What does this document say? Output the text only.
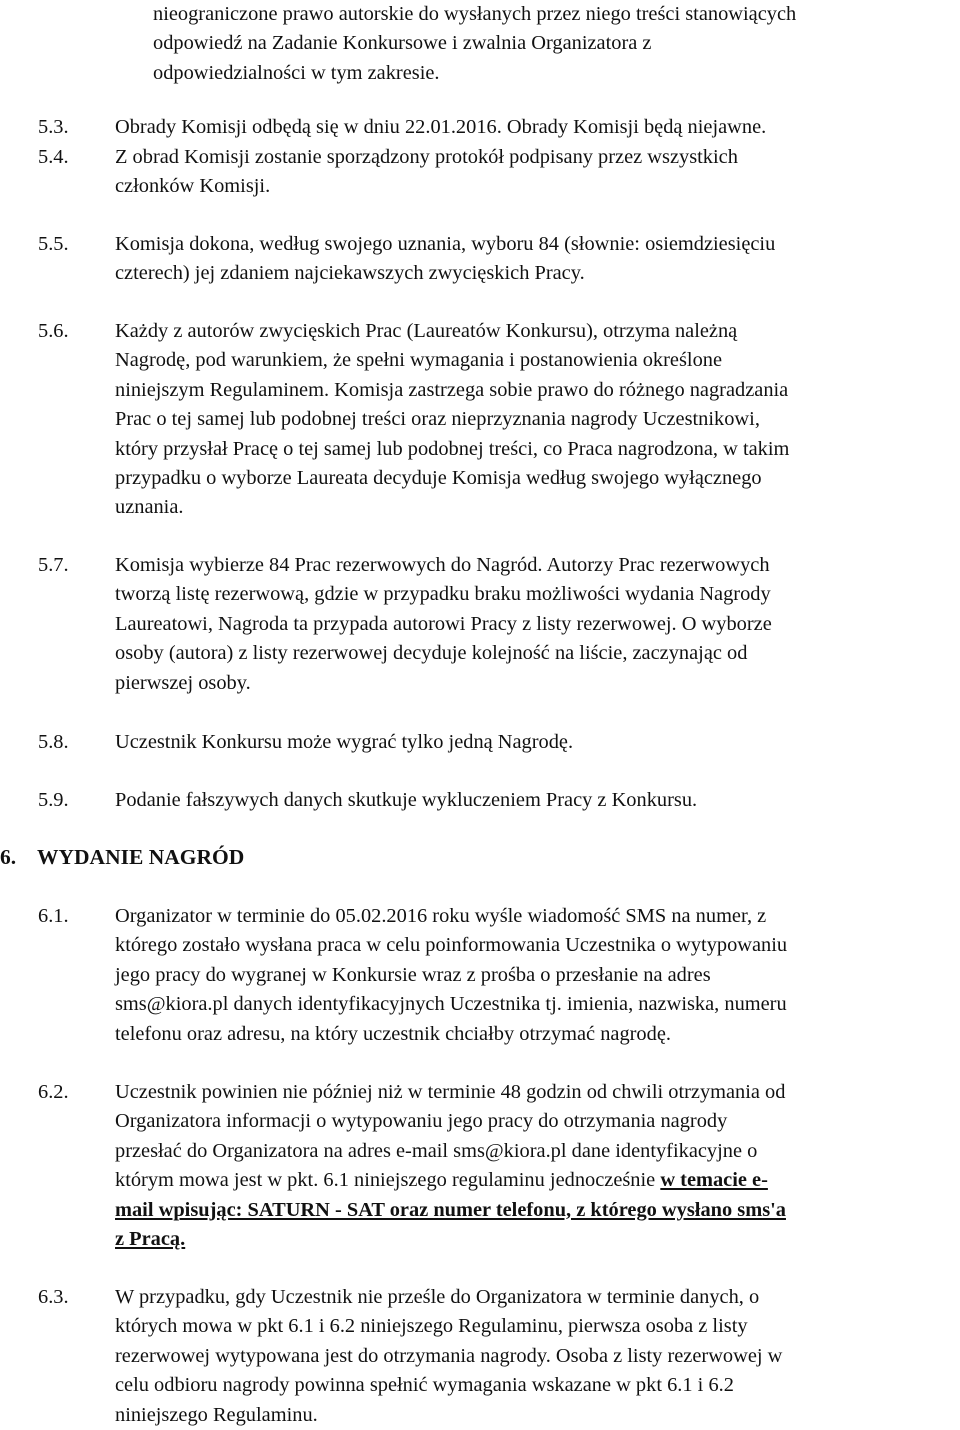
nieograniczone prawo autorskie do wysłanych przez niego treści stanowiących
odpowiedź na Zadanie Konkursowe i zwalnia Organizatora z
odpowiedzialności w tym zakresie.
5.3. Obrady Komisji odbędą się w dniu 22.01.2016. Obrady Komisji będą niejawne.
5.4. Z obrad Komisji zostanie sporządzony protokół podpisany przez wszystkich
członków Komisji.
5.5. Komisja dokona, według swojego uznania, wyboru 84 (słownie: osiemdziesięciu
czterech) jej zdaniem najciekawszych zwycięskich Pracy.
5.6. Każdy z autorów zwycięskich Prac (Laureatów Konkursu), otrzyma należną
Nagrodę, pod warunkiem, że spełni wymagania i postanowienia określone
niniejszym Regulaminem. Komisja zastrzega sobie prawo do różnego nagradzania
Prac o tej samej lub podobnej treści oraz nieprzyznania nagrody Uczestnikowi,
który przysłał Pracę o tej samej lub podobnej treści, co Praca nagrodzona, w takim
przypadku o wyborze Laureata decyduje Komisja według swojego wyłącznego
uznania.
5.7. Komisja wybierze 84 Prac rezerwowych do Nagród. Autorzy Prac rezerwowych
tworzą listę rezerwową, gdzie w przypadku braku możliwości wydania Nagrody
Laureatowi, Nagroda ta przypada autorowi Pracy z listy rezerwowej. O wyborze
osoby (autora) z listy rezerwowej decyduje kolejność na liście, zaczynając od
pierwszej osoby.
5.8. Uczestnik Konkursu może wygrać tylko jedną Nagrodę.
5.9. Podanie fałszywych danych skutkuje wykluczeniem Pracy z Konkursu.
6. WYDANIE NAGRÓD
6.1. Organizator w terminie do 05.02.2016 roku wyśle wiadomość SMS na numer, z
którego zostało wysłana praca w celu poinformowania Uczestnika o wytypowaniu
jego pracy do wygranej w Konkursie wraz z prośba o przesłanie na adres
sms@kiora.pl danych identyfikacyjnych Uczestnika tj. imienia, nazwiska, numeru
telefonu oraz adresu, na który uczestnik chciałby otrzymać nagrodę.
6.2. Uczestnik powinien nie później niż w terminie 48 godzin od chwili otrzymania od
Organizatora informacji o wytypowaniu jego pracy do otrzymania nagrody
przesłać do Organizatora na adres e-mail sms@kiora.pl dane identyfikacyjne o
którym mowa jest w pkt. 6.1 niniejszego regulaminu jednocześnie w temacie e-
mail wpisując: SATURN - SAT oraz numer telefonu, z którego wysłano sms'a
z Pracą.
6.3. W przypadku, gdy Uczestnik nie prześle do Organizatora w terminie danych, o
których mowa w pkt 6.1 i 6.2 niniejszego Regulaminu, pierwsza osoba z listy
rezerwowej wytypowana jest do otrzymania nagrody. Osoba z listy rezerwowej w
celu odbioru nagrody powinna spełnić wymagania wskazane w pkt 6.1 i 6.2
niniejszego Regulaminu.
